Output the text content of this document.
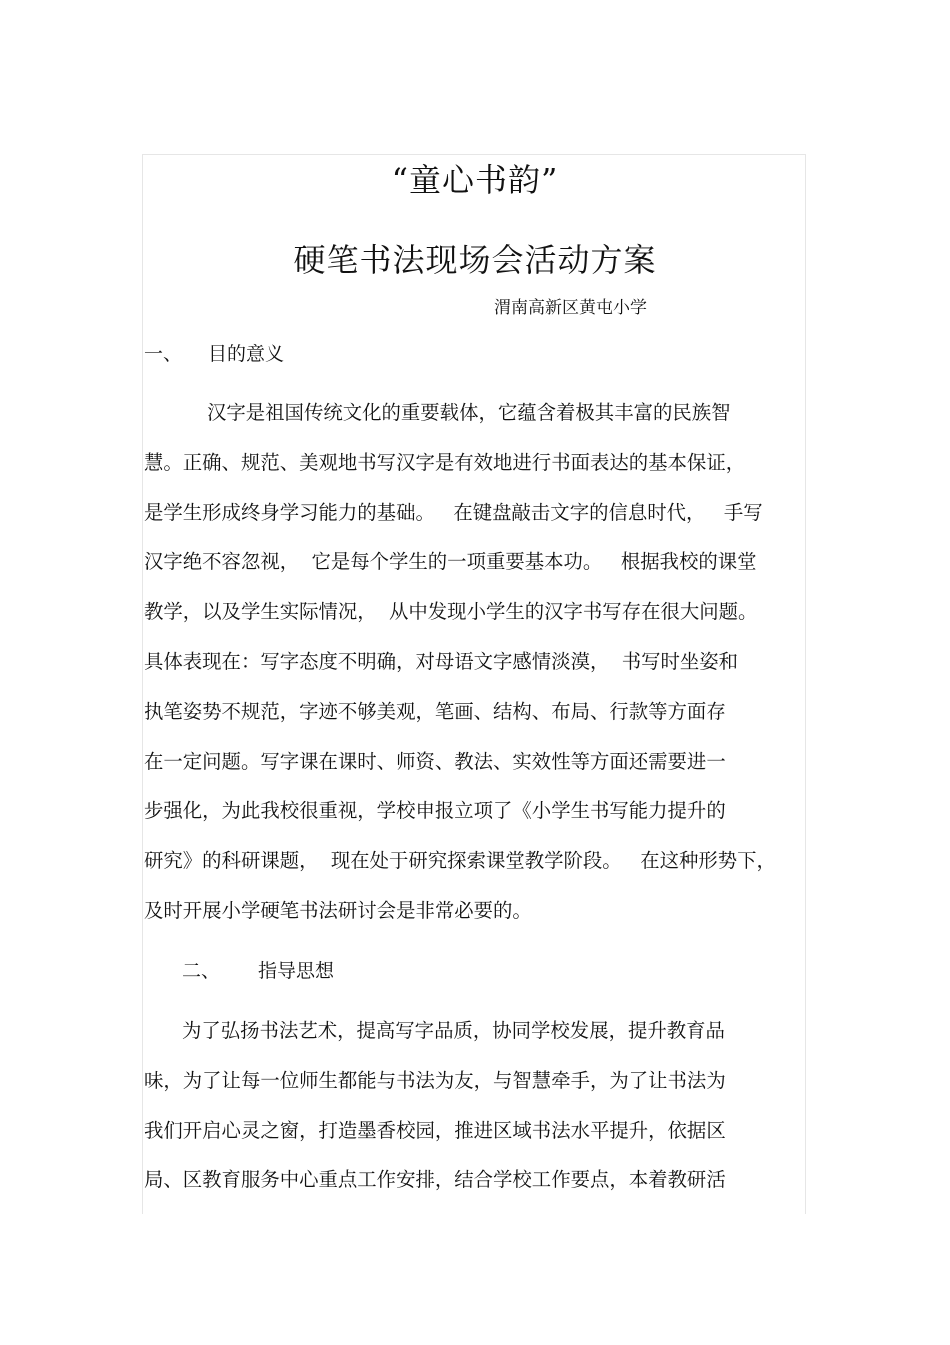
“童心书韵”
硬笔书法现场会活动方案
渭南高新区黄屯小学
一、 目的意义
汉字是祖国传统文化的重要载体，它蕴含着极其丰富的民族智
慧。正确、规范、美观地书写汉字是有效地进行书面表达的基本保证，
是学生形成终身学习能力的基础。   在键盘敲击文字的信息时代，   手写
汉字绝不容忽视，  它是每个学生的一项重要基本功。   根据我校的课堂
教学，以及学生实际情况，  从中发现小学生的汉字书写存在很大问题。
具体表现在：写字态度不明确，对母语文字感情淡漠，  书写时坐姿和
执笔姿势不规范，字迹不够美观，笔画、结构、布局、行款等方面存
在一定问题。写字课在课时、师资、教法、实效性等方面还需要进一
步强化，为此我校很重视，学校申报立项了《小学生书写能力提升的
研究》的科研课题，  现在处于研究探索课堂教学阶段。   在这种形势下，
及时开展小学硬笔书法研讨会是非常必要的。
二、 指导思想
为了弘扬书法艺术，提高写字品质，协同学校发展，提升教育品
味，为了让每一位师生都能与书法为友，与智慧牵手，为了让书法为
我们开启心灵之窗，打造墨香校园，推进区域书法水平提升，依据区
局、区教育服务中心重点工作安排，结合学校工作要点，本着教研活
